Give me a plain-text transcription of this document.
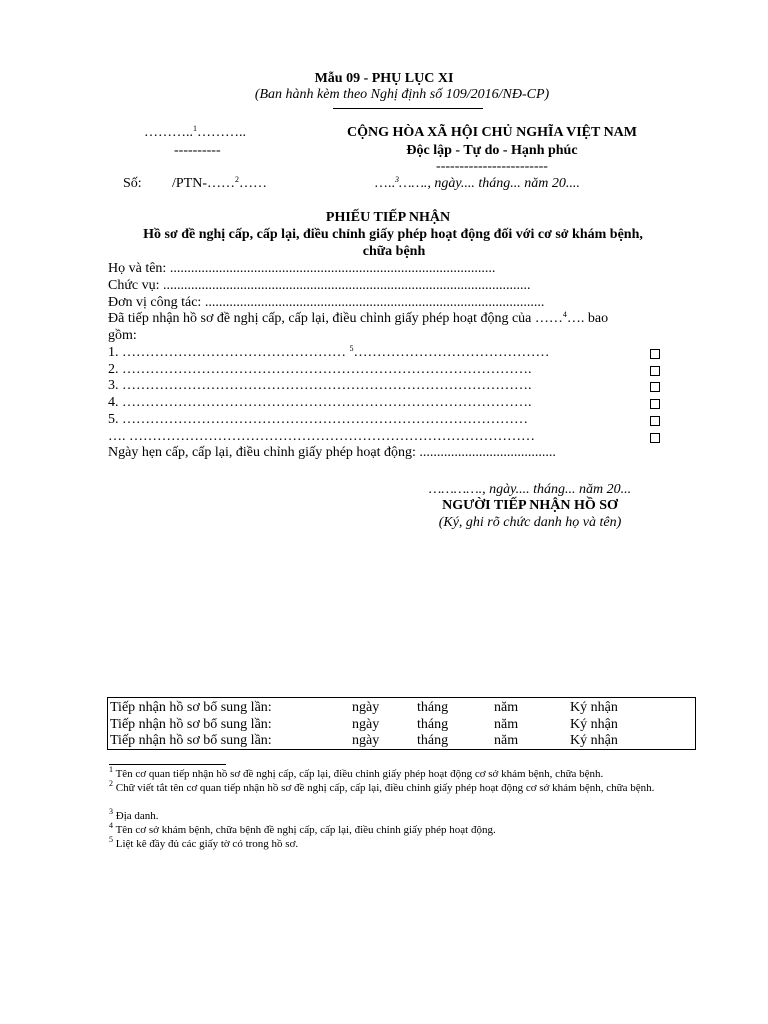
Mẫu 09 - PHỤ LỤC XI
(Ban hành kèm theo Nghị định số 109/2016/NĐ-CP)
………..$^1$………..
----------
CỘNG HÒA XÃ HỘI CHỦ NGHĨA VIỆT NAM
Độc lập - Tự do - Hạnh phúc
------------------------
Số: /PTN-……$^2$……	…..$^3$……., ngày.... tháng... năm 20....
PHIẾU TIẾP NHẬN
Hồ sơ đề nghị cấp, cấp lại, điều chỉnh giấy phép hoạt động đối với cơ sở khám bệnh,
chữa bệnh
Họ và tên: .............................................................................................
Chức vụ: .........................................................................................................
Đơn vị công tác: .................................................................................................
Đã tiếp nhận hồ sơ đề nghị cấp, cấp lại, điều chỉnh giấy phép hoạt động của ……$^4$…. bao
gồm:
1. ………………………………………… $^5$……………………………………
2. …………………………………………………………………………….
3. …………………………………………………………………………….
4. …………………………………………………………………………….
5. ……………………………………………………………………………
…. ……………………………………………………………………………
Ngày hẹn cấp, cấp lại, điều chỉnh giấy phép hoạt động: .......................................
…………., ngày.... tháng... năm 20...
NGƯỜI TIẾP NHẬN HỒ SƠ
(Ký, ghi rõ chức danh họ và tên)
Tiếp nhận hồ sơ bổ sung lần:	ngày	tháng	năm	Ký nhận
Tiếp nhận hồ sơ bổ sung lần:	ngày	tháng	năm	Ký nhận
Tiếp nhận hồ sơ bổ sung lần:	ngày	tháng	năm	Ký nhận
$^1$ Tên cơ quan tiếp nhận hồ sơ đề nghị cấp, cấp lại, điều chỉnh giấy phép hoạt động cơ sở khám bệnh, chữa bệnh.
$^2$ Chữ viết tắt tên cơ quan tiếp nhận hồ sơ đề nghị cấp, cấp lại, điều chỉnh giấy phép hoạt động cơ sở khám bệnh, chữa bệnh.
$^3$ Địa danh.
$^4$ Tên cơ sở khám bệnh, chữa bệnh đề nghị cấp, cấp lại, điều chỉnh giấy phép hoạt động.
$^5$ Liệt kê đầy đủ các giấy tờ có trong hồ sơ.
